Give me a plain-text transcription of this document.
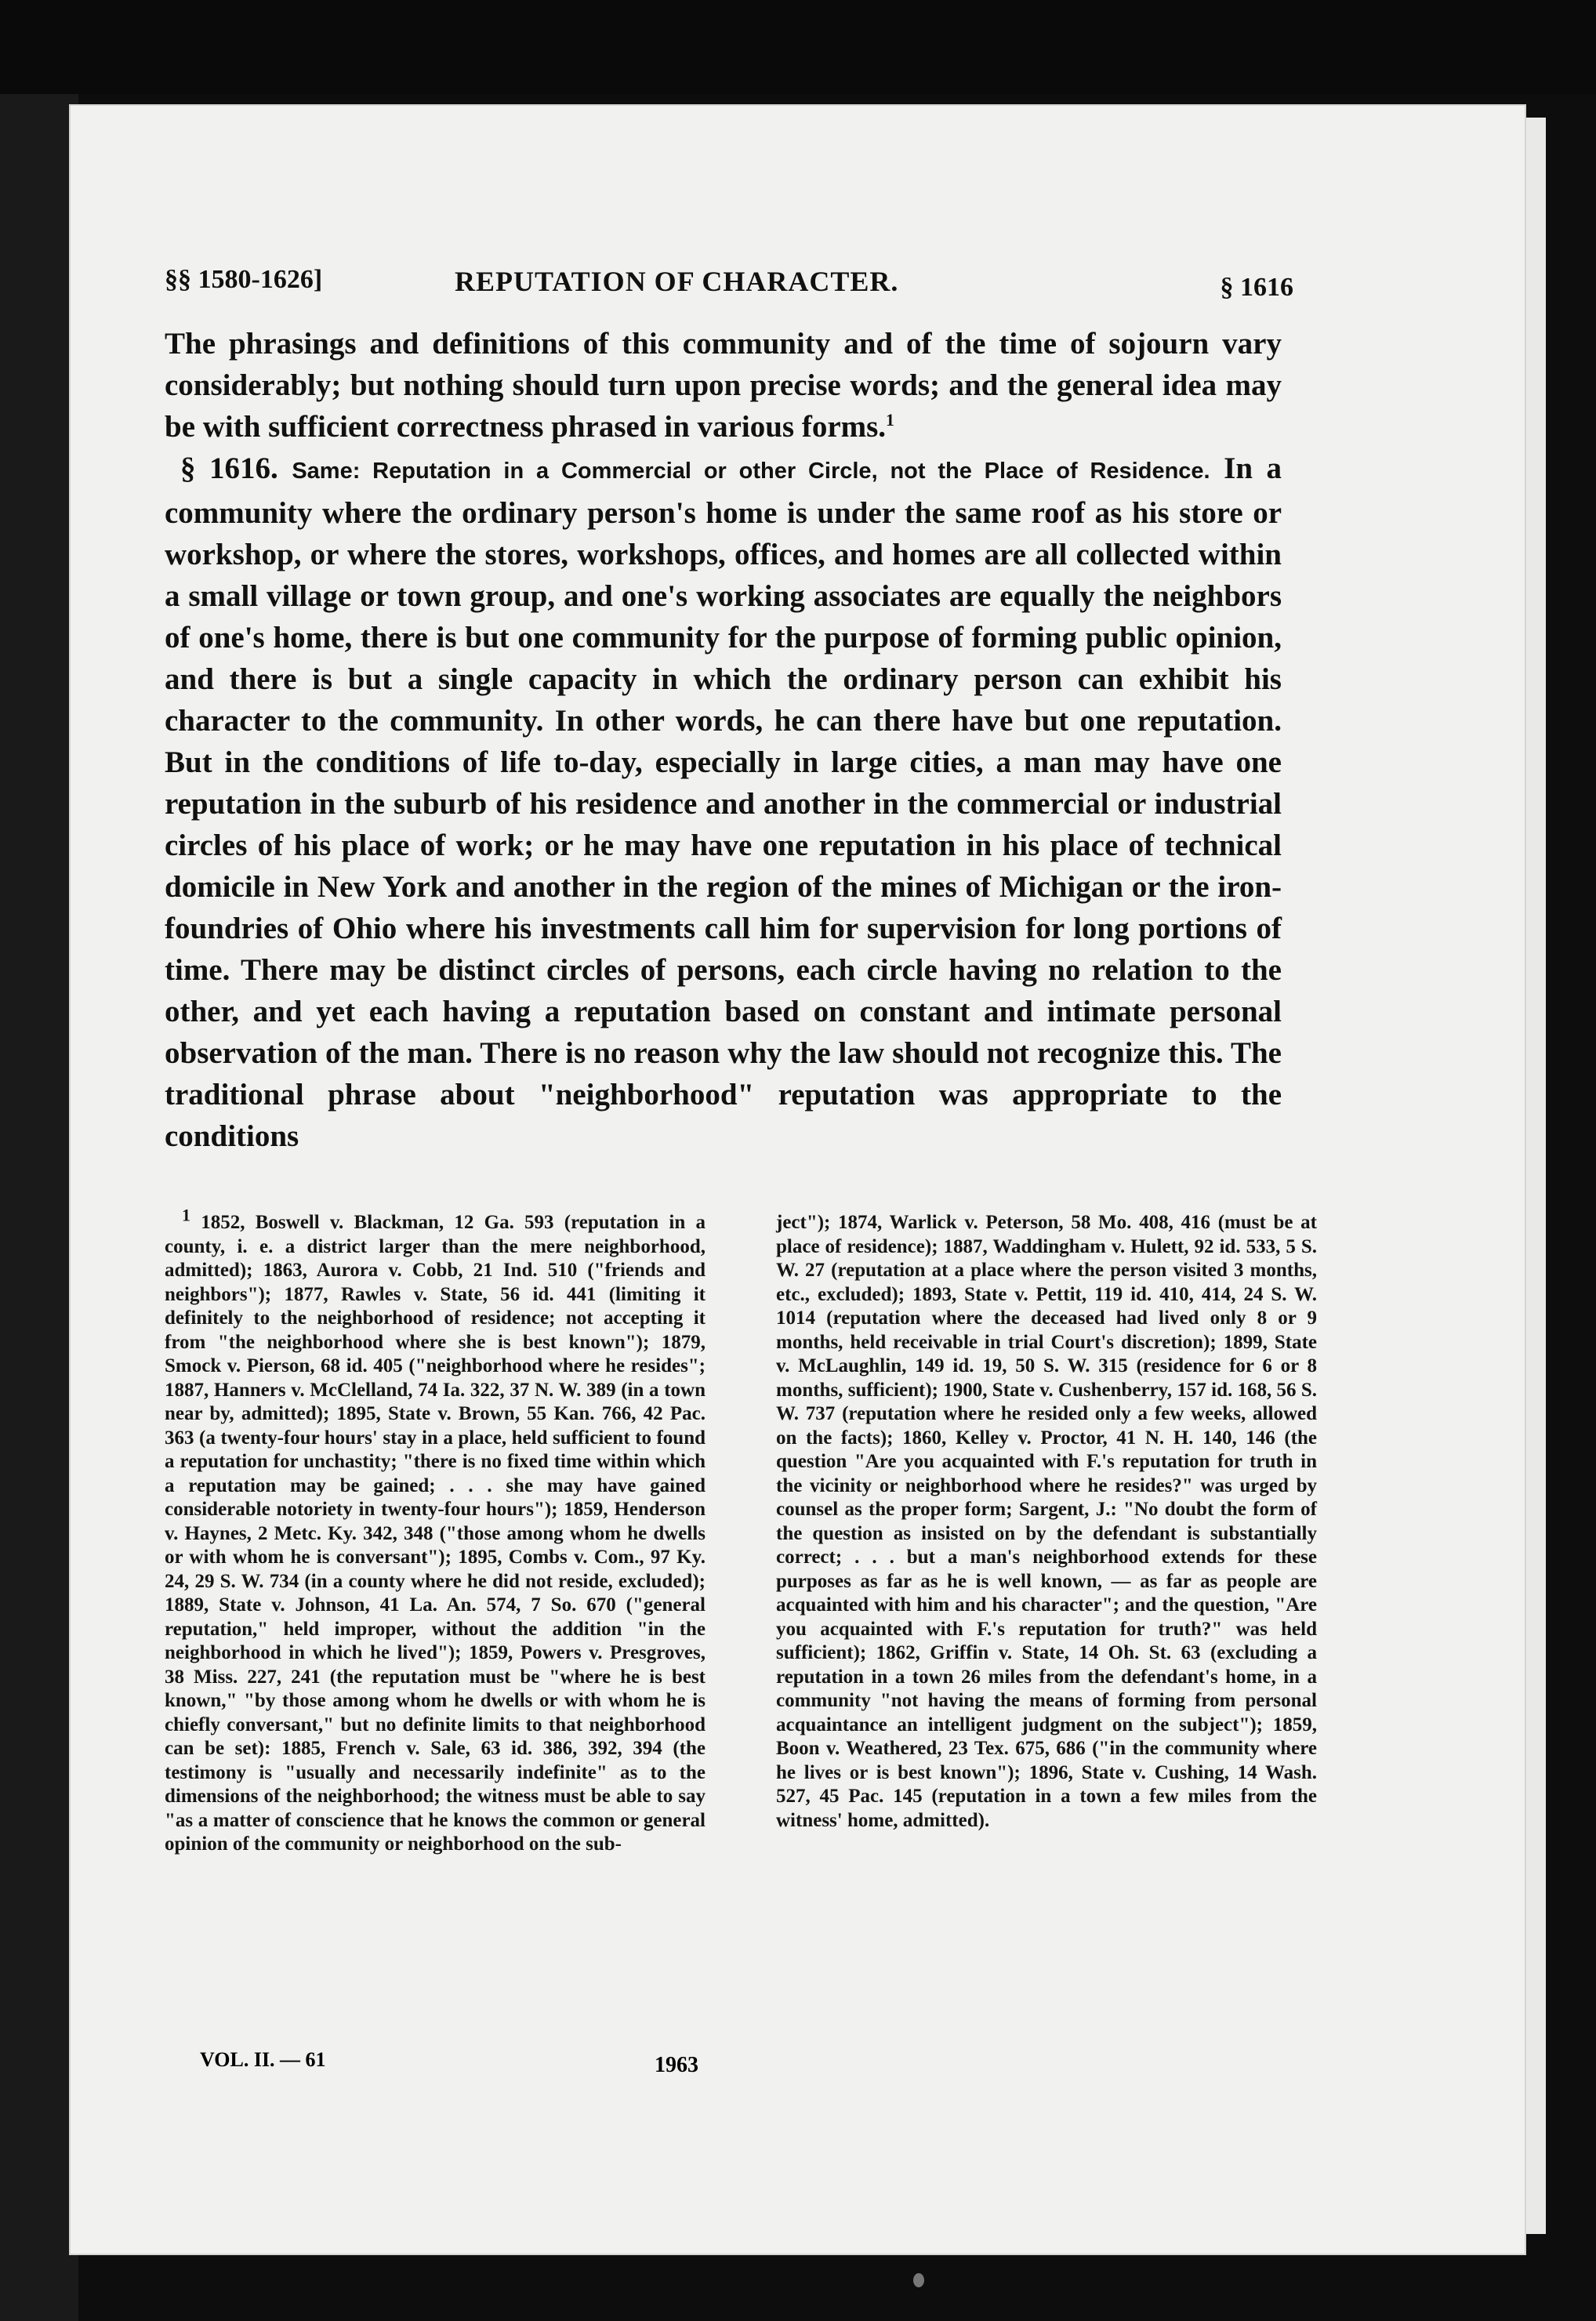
§§ 1580-1626]	REPUTATION OF CHARACTER.	§ 1616

The phrasings and definitions of this community and of the time of sojourn vary considerably; but nothing should turn upon precise words; and the general idea may be with sufficient correctness phrased in various forms.$^1$

§ 1616. Same: Reputation in a Commercial or other Circle, not the Place of Residence. In a community where the ordinary person's home is under the same roof as his store or workshop, or where the stores, workshops, offices, and homes are all collected within a small village or town group, and one's working associates are equally the neighbors of one's home, there is but one community for the purpose of forming public opinion, and there is but a single capacity in which the ordinary person can exhibit his character to the community. In other words, he can there have but one reputation. But in the conditions of life to-day, especially in large cities, a man may have one reputation in the suburb of his residence and another in the commercial or industrial circles of his place of work; or he may have one reputation in his place of technical domicile in New York and another in the region of the mines of Michigan or the iron-foundries of Ohio where his investments call him for supervision for long portions of time. There may be distinct circles of persons, each circle having no relation to the other, and yet each having a reputation based on constant and intimate personal observation of the man. There is no reason why the law should not recognize this. The traditional phrase about "neighborhood" reputation was appropriate to the conditions

1 1852, Boswell v. Blackman, 12 Ga. 593 (reputation in a county, i. e. a district larger than the mere neighborhood, admitted); 1863, Aurora v. Cobb, 21 Ind. 510 ("friends and neighbors"); 1877, Rawles v. State, 56 id. 441 (limiting it definitely to the neighborhood of residence; not accepting it from "the neighborhood where she is best known"); 1879, Smock v. Pierson, 68 id. 405 ("neighborhood where he resides"; 1887, Hanners v. McClelland, 74 Ia. 322, 37 N. W. 389 (in a town near by, admitted); 1895, State v. Brown, 55 Kan. 766, 42 Pac. 363 (a twenty-four hours' stay in a place, held sufficient to found a reputation for unchastity; "there is no fixed time within which a reputation may be gained; . . . she may have gained considerable notoriety in twenty-four hours"); 1859, Henderson v. Haynes, 2 Metc. Ky. 342, 348 ("those among whom he dwells or with whom he is conversant"); 1895, Combs v. Com., 97 Ky. 24, 29 S. W. 734 (in a county where he did not reside, excluded); 1889, State v. Johnson, 41 La. An. 574, 7 So. 670 ("general reputation," held improper, without the addition "in the neighborhood in which he lived"); 1859, Powers v. Presgroves, 38 Miss. 227, 241 (the reputation must be "where he is best known," "by those among whom he dwells or with whom he is chiefly conversant," but no definite limits to that neighborhood can be set): 1885, French v. Sale, 63 id. 386, 392, 394 (the testimony is "usually and necessarily indefinite" as to the dimensions of the neighborhood; the witness must be able to say "as a matter of conscience that he knows the common or general opinion of the community or neighborhood on the sub-
ject"); 1874, Warlick v. Peterson, 58 Mo. 408, 416 (must be at place of residence); 1887, Waddingham v. Hulett, 92 id. 533, 5 S. W. 27 (reputation at a place where the person visited 3 months, etc., excluded); 1893, State v. Pettit, 119 id. 410, 414, 24 S. W. 1014 (reputation where the deceased had lived only 8 or 9 months, held receivable in trial Court's discretion); 1899, State v. McLaughlin, 149 id. 19, 50 S. W. 315 (residence for 6 or 8 months, sufficient); 1900, State v. Cushenberry, 157 id. 168, 56 S. W. 737 (reputation where he resided only a few weeks, allowed on the facts); 1860, Kelley v. Proctor, 41 N. H. 140, 146 (the question "Are you acquainted with F.'s reputation for truth in the vicinity or neighborhood where he resides?" was urged by counsel as the proper form; Sargent, J.: "No doubt the form of the question as insisted on by the defendant is substantially correct; . . . but a man's neighborhood extends for these purposes as far as he is well known, — as far as people are acquainted with him and his character"; and the question, "Are you acquainted with F.'s reputation for truth?" was held sufficient); 1862, Griffin v. State, 14 Oh. St. 63 (excluding a reputation in a town 26 miles from the defendant's home, in a community "not having the means of forming from personal acquaintance an intelligent judgment on the subject"); 1859, Boon v. Weathered, 23 Tex. 675, 686 ("in the community where he lives or is best known"); 1896, State v. Cushing, 14 Wash. 527, 45 Pac. 145 (reputation in a town a few miles from the witness' home, admitted).
VOL. II. — 61	1963
